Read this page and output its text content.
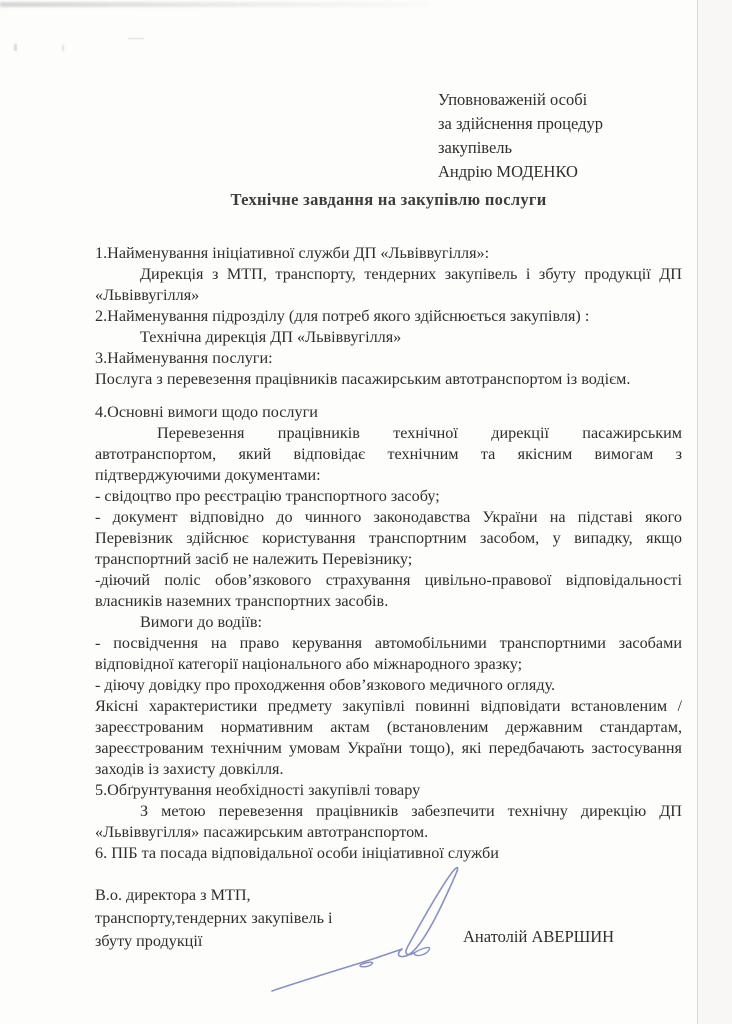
Уповноваженій особі
за здійснення процедур
закупівель
Андрію МОДЕНКО
Технічне завдання на закупівлю послуги

1.Найменування ініціативної служби ДП «Львіввугілля»:

Дирекція з МТП, транспорту, тендерних закупівель і збуту продукції ДП «Львіввугілля»

2.Найменування підрозділу (для потреб якого здійснюється закупівля) :

Технічна дирекція ДП «Львіввугілля»

3.Найменування послуги:

Послуга з перевезення працівників пасажирським автотранспортом із водієм.

4.Основні вимоги щодо послуги

Перевезення працівників технічної дирекції пасажирським автотранспортом, який відповідає технічним та якісним вимогам з підтверджуючими документами:

- свідоцтво про реєстрацію транспортного засобу;

- документ відповідно до чинного законодавства України на підставі якого Перевізник здійснює користування транспортним засобом, у випадку, якщо транспортний засіб не належить Перевізнику;

-діючий поліс обов’язкового страхування цивільно-правової відповідальності власників наземних транспортних засобів.

Вимоги до водіїв:

- посвідчення на право керування автомобільними транспортними засобами відповідної категорії національного або міжнародного зразку;

- діючу довідку про проходження обов’язкового медичного огляду.

Якісні характеристики предмету закупівлі повинні відповідати встановленим /зареєстрованим нормативним актам (встановленим державним стандартам, зареєстрованим технічним умовам України тощо), які передбачають застосування заходів із захисту довкілля.

5.Обґрунтування необхідності закупівлі товару

З метою перевезення працівників забезпечити технічну дирекцію ДП «Львіввугілля» пасажирським автотранспортом.

6. ПІБ та посада відповідальної особи ініціативної служби

В.о. директора з МТП,
транспорту,тендерних закупівель і
збуту продукції	Анатолій АВЕРШИН
